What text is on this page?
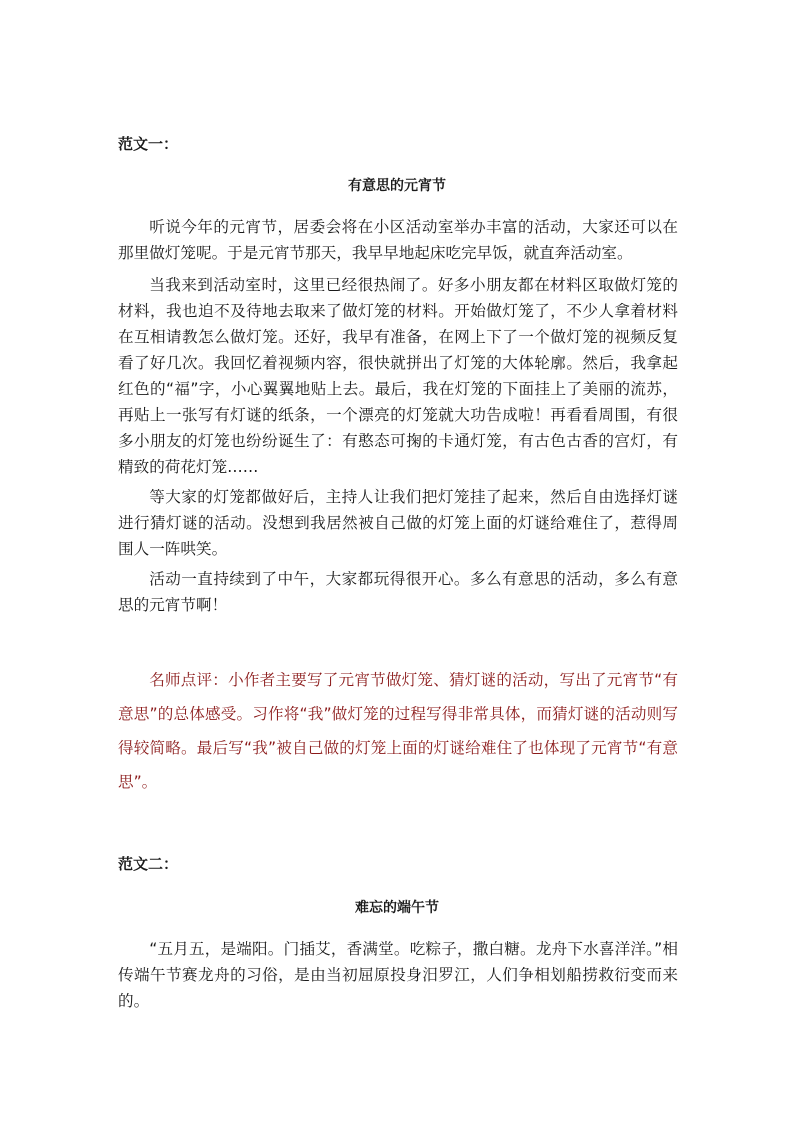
范文一：
有意思的元宵节

听说今年的元宵节，居委会将在小区活动室举办丰富的活动，大家还可以在那里做灯笼呢。于是元宵节那天，我早早地起床吃完早饭，就直奔活动室。

当我来到活动室时，这里已经很热闹了。好多小朋友都在材料区取做灯笼的材料，我也迫不及待地去取来了做灯笼的材料。开始做灯笼了，不少人拿着材料在互相请教怎么做灯笼。还好，我早有准备，在网上下了一个做灯笼的视频反复看了好几次。我回忆着视频内容，很快就拼出了灯笼的大体轮廓。然后，我拿起红色的“福”字，小心翼翼地贴上去。最后，我在灯笼的下面挂上了美丽的流苏，再贴上一张写有灯谜的纸条，一个漂亮的灯笼就大功告成啦！再看看周围，有很多小朋友的灯笼也纷纷诞生了：有憨态可掬的卡通灯笼，有古色古香的宫灯，有精致的荷花灯笼……

等大家的灯笼都做好后，主持人让我们把灯笼挂了起来，然后自由选择灯谜进行猜灯谜的活动。没想到我居然被自己做的灯笼上面的灯谜给难住了，惹得周围人一阵哄笑。

活动一直持续到了中午，大家都玩得很开心。多么有意思的活动，多么有意思的元宵节啊！

名师点评：小作者主要写了元宵节做灯笼、猜灯谜的活动，写出了元宵节“有意思”的总体感受。习作将“我”做灯笼的过程写得非常具体，而猜灯谜的活动则写得较简略。最后写“我”被自己做的灯笼上面的灯谜给难住了也体现了元宵节“有意思”。

范文二：
难忘的端午节

“五月五，是端阳。门插艾，香满堂。吃粽子，撒白糖。龙舟下水喜洋洋。”相传端午节赛龙舟的习俗，是由当初屈原投身汨罗江，人们争相划船捞救衍变而来的。
